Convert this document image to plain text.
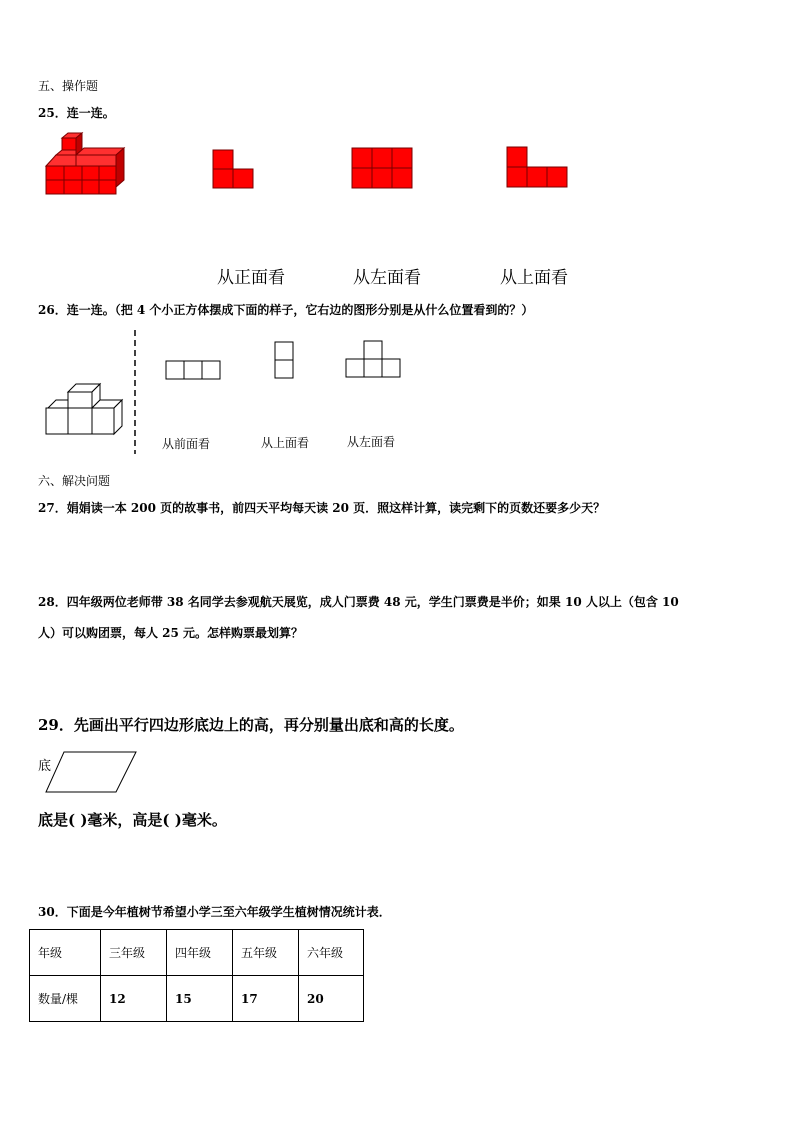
五、操作题
25．连一连。
从正面看	从左面看	从上面看
26．连一连。（把 4 个小正方体摆成下面的样子，它右边的图形分别是从什么位置看到的？）
从前面看	从上面看	从左面看
六、解决问题
27．娟娟读一本 200 页的故事书，前四天平均每天读 20 页．照这样计算，读完剩下的页数还要多少天？
28．四年级两位老师带 38 名同学去参观航天展览，成人门票费 48 元，学生门票费是半价；如果 10 人以上（包含 10
人）可以购团票，每人 25 元。怎样购票最划算？
29．先画出平行四边形底边上的高，再分别量出底和高的长度。
底
底是( )毫米，高是( )毫米。
30．下面是今年植树节希望小学三至六年级学生植树情况统计表．
年级	三年级	四年级	五年级	六年级
数量/棵	12	15	17	20
